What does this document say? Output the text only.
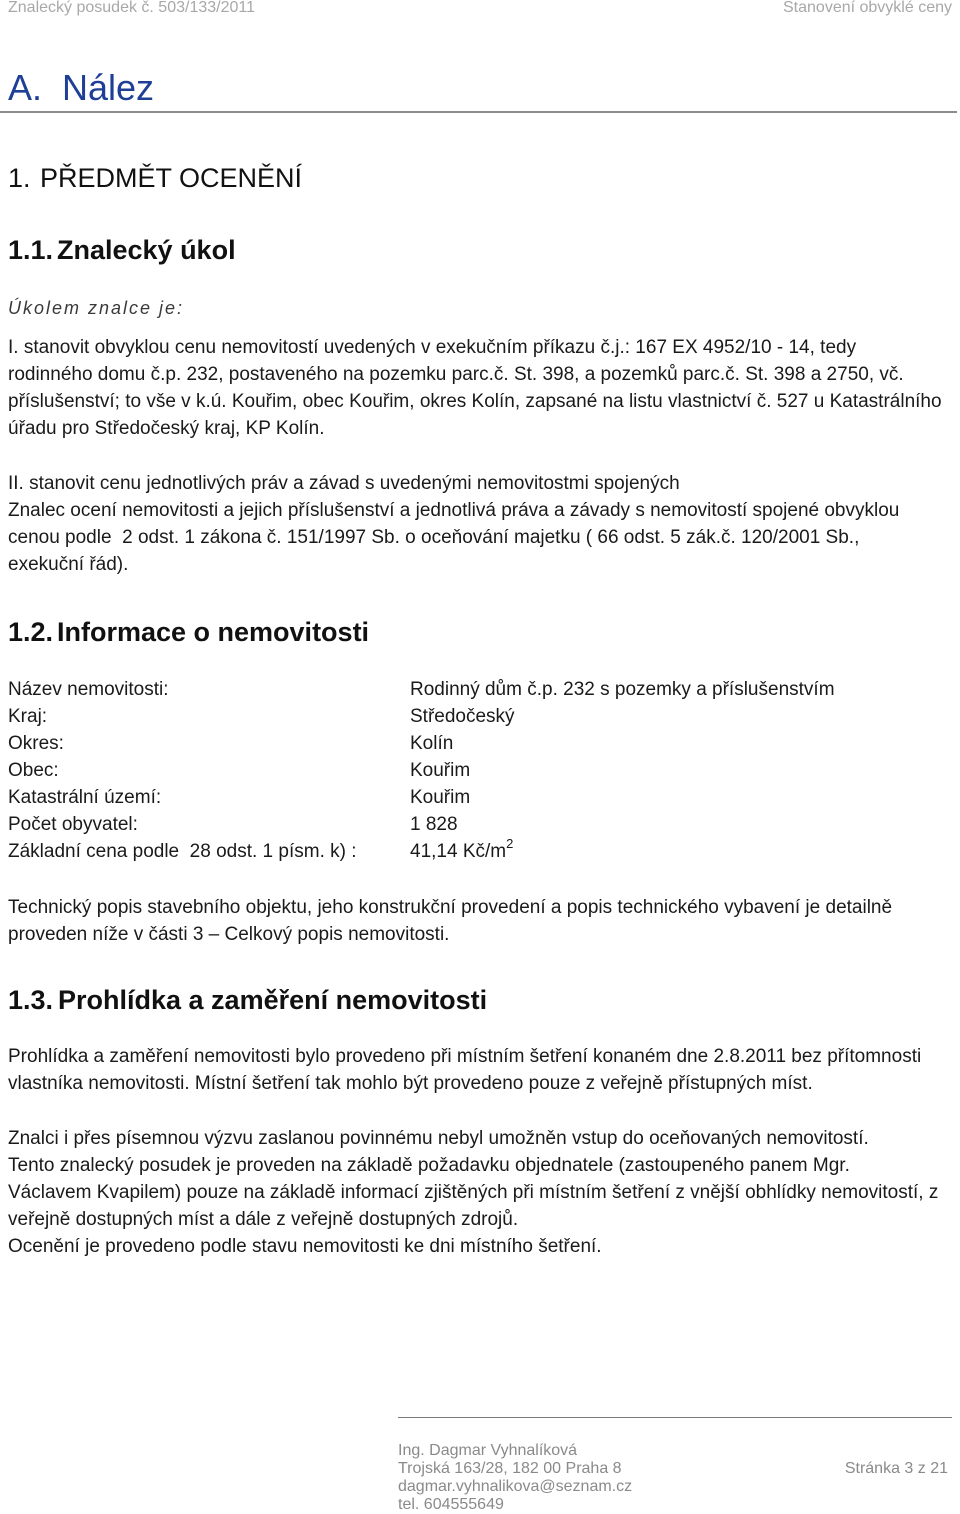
Znalecký posudek č. 503/133/2011	Stanovení obvyklé ceny
A. Nález
1. PŘEDMĚT OCENĚNÍ
1.1. Znalecký úkol
Úkolem znalce je:
I. stanovit obvyklou cenu nemovitostí uvedených v exekučním příkazu č.j.: 167 EX 4952/10 - 14, tedy
rodinného domu č.p. 232, postaveného na pozemku parc.č. St. 398, a pozemků parc.č. St. 398 a 2750, vč.
příslušenství; to vše v k.ú. Kouřim, obec Kouřim, okres Kolín, zapsané na listu vlastnictví č. 527 u Katastrálního
úřadu pro Středočeský kraj, KP Kolín.
II. stanovit cenu jednotlivých práv a závad s uvedenými nemovitostmi spojených
Znalec ocení nemovitosti a jejich příslušenství a jednotlivá práva a závady s nemovitostí spojené obvyklou
cenou podle  2 odst. 1 zákona č. 151/1997 Sb. o oceňování majetku ( 66 odst. 5 zák.č. 120/2001 Sb.,
exekuční řád).
1.2. Informace o nemovitosti
Název nemovitosti:	Rodinný dům č.p. 232 s pozemky a příslušenstvím
Kraj:	Středočeský
Okres:	Kolín
Obec:	Kouřim
Katastrální území:	Kouřim
Počet obyvatel:	1 828
Základní cena podle  28 odst. 1 písm. k) :	41,14 $Kč/m^2$
Technický popis stavebního objektu, jeho konstrukční provedení a popis technického vybavení je detailně
proveden níže v části 3 – Celkový popis nemovitosti.
1.3. Prohlídka a zaměření nemovitosti
Prohlídka a zaměření nemovitosti bylo provedeno při místním šetření konaném dne 2.8.2011 bez přítomnosti
vlastníka nemovitosti. Místní šetření tak mohlo být provedeno pouze z veřejně přístupných míst.
Znalci i přes písemnou výzvu zaslanou povinnému nebyl umožněn vstup do oceňovaných nemovitostí.
Tento znalecký posudek je proveden na základě požadavku objednatele (zastoupeného panem Mgr.
Václavem Kvapilem) pouze na základě informací zjištěných při místním šetření z vnější obhlídky nemovitostí, z
veřejně dostupných míst a dále z veřejně dostupných zdrojů.
Ocenění je provedeno podle stavu nemovitosti ke dni místního šetření.
Ing. Dagmar Vyhnalíková
Trojská 163/28, 182 00 Praha 8
dagmar.vyhnalikova@seznam.cz
tel. 604555649
Stránka 3 z 21
